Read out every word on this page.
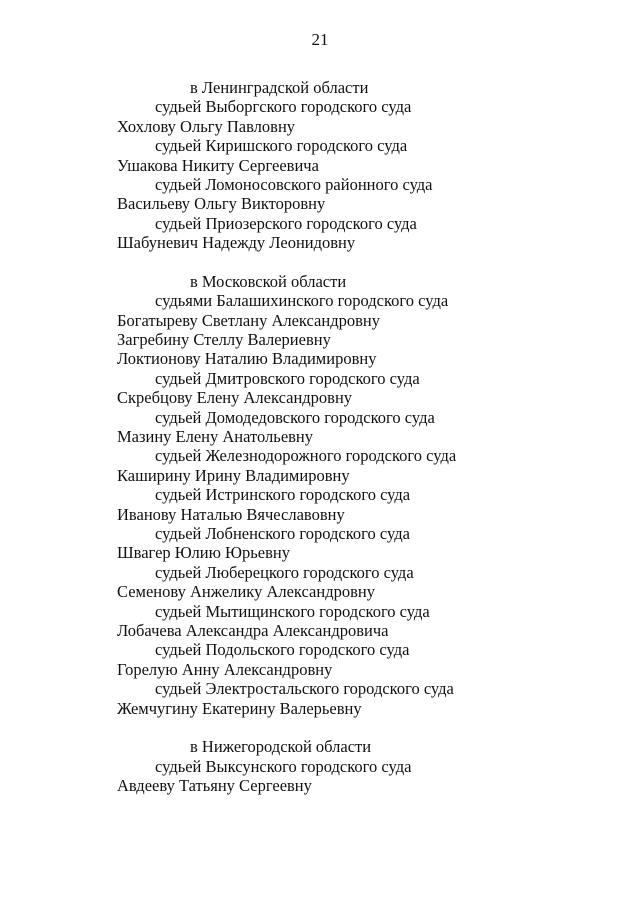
21
в Ленинградской области
судьей Выборгского городского суда
Хохлову Ольгу Павловну
судьей Киришского городского суда
Ушакова Никиту Сергеевича
судьей Ломоносовского районного суда
Васильеву Ольгу Викторовну
судьей Приозерского городского суда
Шабуневич Надежду Леонидовну
в Московской области
судьями Балашихинского городского суда
Богатыреву Светлану Александровну
Загребину Стеллу Валериевну
Локтионову Наталию Владимировну
судьей Дмитровского городского суда
Скребцову Елену Александровну
судьей Домодедовского городского суда
Мазину Елену Анатольевну
судьей Железнодорожного городского суда
Каширину Ирину Владимировну
судьей Истринского городского суда
Иванову Наталью Вячеславовну
судьей Лобненского городского суда
Швагер Юлию Юрьевну
судьей Люберецкого городского суда
Семенову Анжелику Александровну
судьей Мытищинского городского суда
Лобачева Александра Александровича
судьей Подольского городского суда
Горелую Анну Александровну
судьей Электростальского городского суда
Жемчугину Екатерину Валерьевну
в Нижегородской области
судьей Выксунского городского суда
Авдееву Татьяну Сергеевну
